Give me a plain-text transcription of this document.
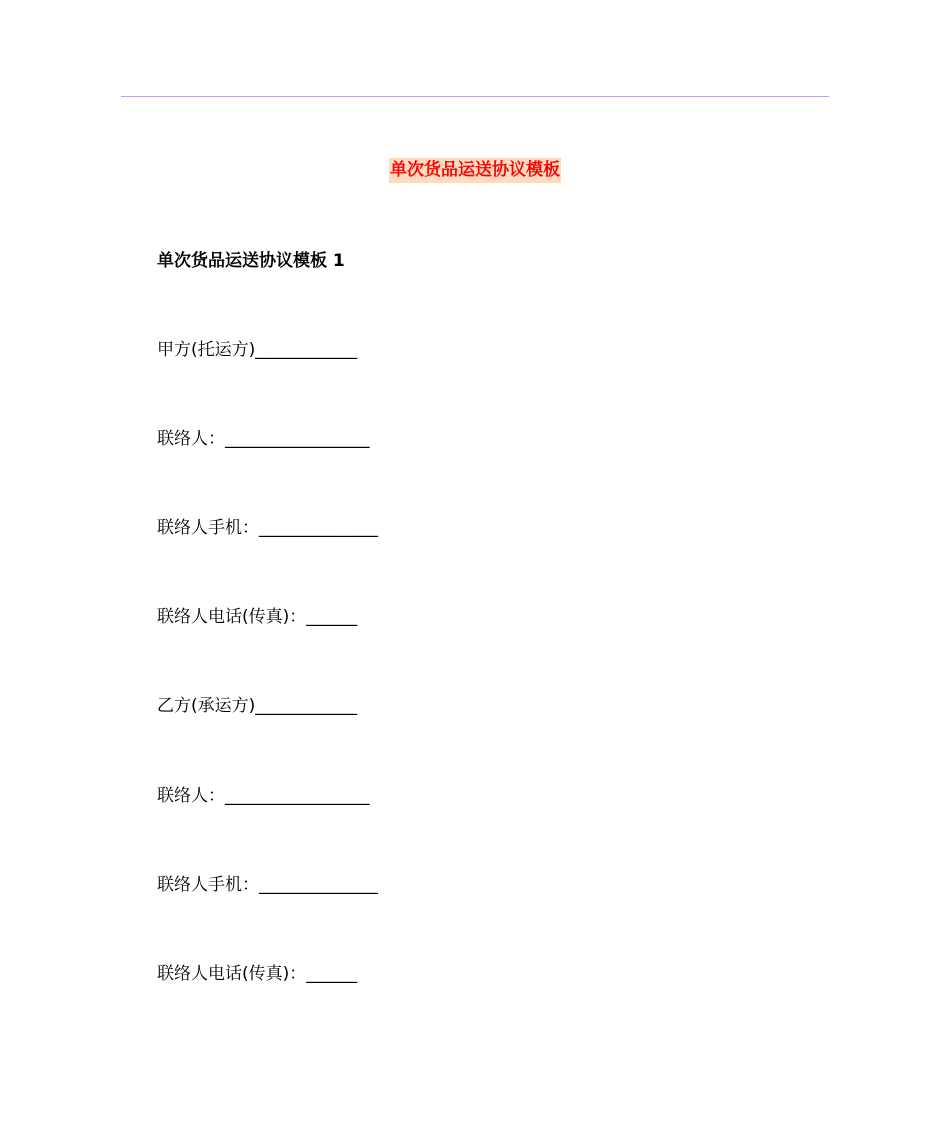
单次货品运送协议模板
单次货品运送协议模板 1
甲方(托运方)____________
联络人：_________________
联络人手机：______________
联络人电话(传真)：______
乙方(承运方)____________
联络人：_________________
联络人手机：______________
联络人电话(传真)：______
